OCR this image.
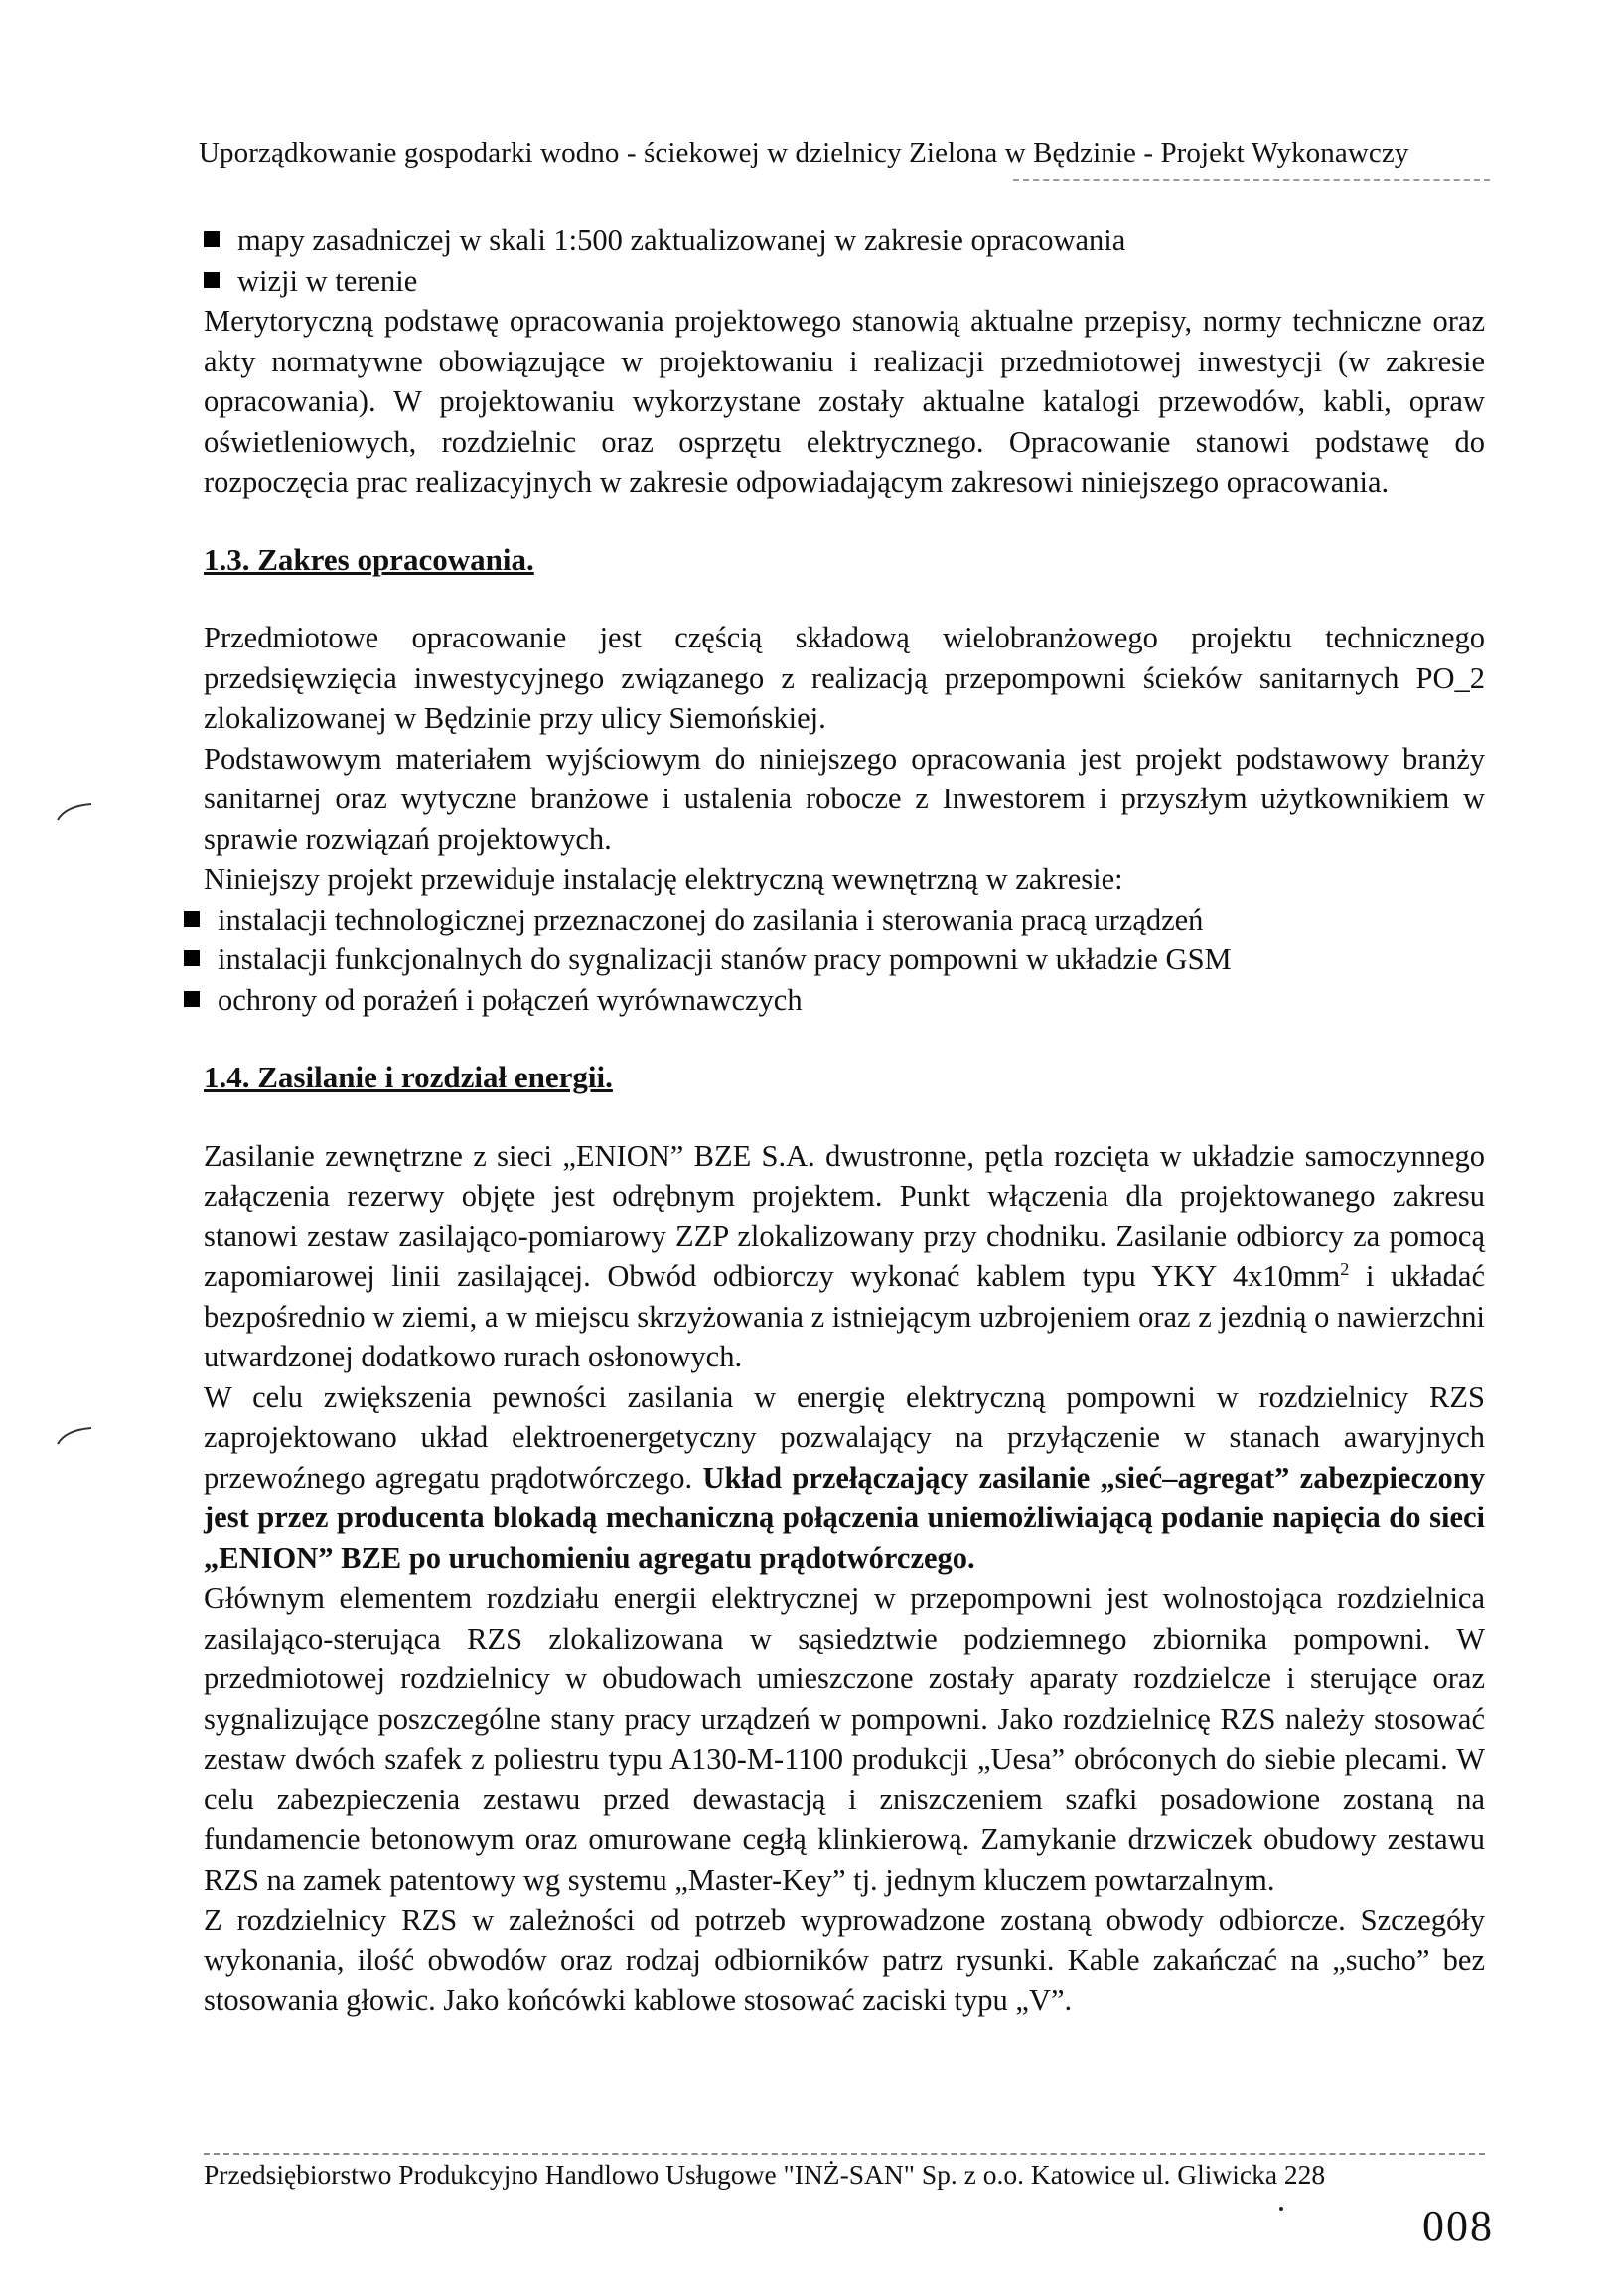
Uporządkowanie gospodarki wodno - ściekowej w dzielnicy Zielona w Będzinie - Projekt Wykonawczy
mapy zasadniczej w skali 1:500 zaktualizowanej w zakresie opracowania
wizji w terenie

Merytoryczną podstawę opracowania projektowego stanowią aktualne przepisy, normy techniczne oraz akty normatywne obowiązujące w projektowaniu i realizacji przedmiotowej inwestycji (w zakresie opracowania). W projektowaniu wykorzystane zostały aktualne katalogi przewodów, kabli, opraw oświetleniowych, rozdzielnic oraz osprzętu elektrycznego. Opracowanie stanowi podstawę do rozpoczęcia prac realizacyjnych w zakresie odpowiadającym zakresowi niniejszego opracowania.

1.3. Zakres opracowania.

Przedmiotowe opracowanie jest częścią składową wielobranżowego projektu technicznego przedsięwzięcia inwestycyjnego związanego z realizacją przepompowni ścieków sanitarnych PO_2 zlokalizowanej w Będzinie przy ulicy Siemońskiej.

Podstawowym materiałem wyjściowym do niniejszego opracowania jest projekt podstawowy branży sanitarnej oraz wytyczne branżowe i ustalenia robocze z Inwestorem i przyszłym użytkownikiem w sprawie rozwiązań projektowych.

Niniejszy projekt przewiduje instalację elektryczną wewnętrzną w zakresie:

instalacji technologicznej przeznaczonej do zasilania i sterowania pracą urządzeń
instalacji funkcjonalnych do sygnalizacji stanów pracy pompowni w układzie GSM
ochrony od porażeń i połączeń wyrównawczych
1.4. Zasilanie i rozdział energii.

Zasilanie zewnętrzne z sieci „ENION” BZE S.A. dwustronne, pętla rozcięta w układzie samoczynnego załączenia rezerwy objęte jest odrębnym projektem. Punkt włączenia dla projektowanego zakresu stanowi zestaw zasilająco-pomiarowy ZZP zlokalizowany przy chodniku. Zasilanie odbiorcy za pomocą zapomiarowej linii zasilającej. Obwód odbiorczy wykonać kablem typu YKY $4x10mm^2$ i układać bezpośrednio w ziemi, a w miejscu skrzyżowania z istniejącym uzbrojeniem oraz z jezdnią o nawierzchni utwardzonej dodatkowo rurach osłonowych.

W celu zwiększenia pewności zasilania w energię elektryczną pompowni w rozdzielnicy RZS zaprojektowano układ elektroenergetyczny pozwalający na przyłączenie w stanach awaryjnych przewoźnego agregatu prądotwórczego. Układ przełączający zasilanie „sieć–agregat” zabezpieczony jest przez producenta blokadą mechaniczną połączenia uniemożliwiającą podanie napięcia do sieci „ENION” BZE po uruchomieniu agregatu prądotwórczego.

Głównym elementem rozdziału energii elektrycznej w przepompowni jest wolnostojąca rozdzielnica zasilająco-sterująca RZS zlokalizowana w sąsiedztwie podziemnego zbiornika pompowni. W przedmiotowej rozdzielnicy w obudowach umieszczone zostały aparaty rozdzielcze i sterujące oraz sygnalizujące poszczególne stany pracy urządzeń w pompowni. Jako rozdzielnicę RZS należy stosować zestaw dwóch szafek z poliestru typu A130-M-1100 produkcji „Uesa” obróconych do siebie plecami. W celu zabezpieczenia zestawu przed dewastacją i zniszczeniem szafki posadowione zostaną na fundamencie betonowym oraz omurowane cegłą klinkierową. Zamykanie drzwiczek obudowy zestawu RZS na zamek patentowy wg systemu „Master-Key” tj. jednym kluczem powtarzalnym.

Z rozdzielnicy RZS w zależności od potrzeb wyprowadzone zostaną obwody odbiorcze. Szczegóły wykonania, ilość obwodów oraz rodzaj odbiorników patrz rysunki. Kable zakańczać na „sucho” bez stosowania głowic. Jako końcówki kablowe stosować zaciski typu „V”.

Przedsiębiorstwo Produkcyjno Handlowo Usługowe "INŻ-SAN" Sp. z o.o. Katowice ul. Gliwicka 228
008
